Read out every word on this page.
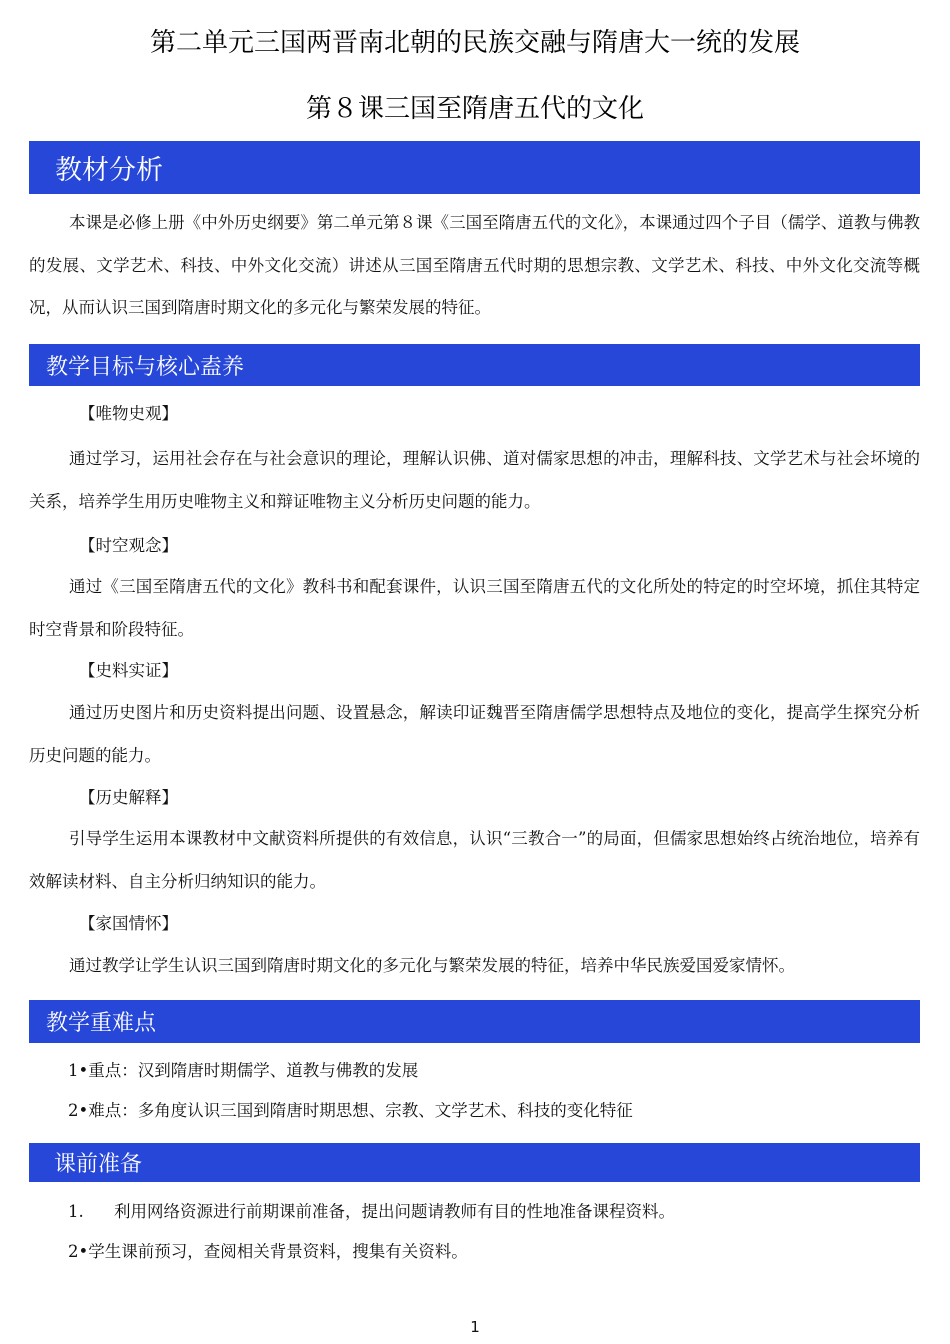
第二单元三国两晋南北朝的民族交融与隋唐大一统的发展
第８课三国至隋唐五代的文化
教材分析

本课是必修上册《中外历史纲要》第二单元第８课《三国至隋唐五代的文化》，本课通过四个子目（儒学、道教与佛教的发展、文学艺术、科技、中外文化交流）讲述从三国至隋唐五代时期的思想宗教、文学艺术、科技、中外文化交流等概况，从而认识三国到隋唐时期文化的多元化与繁荣发展的特征。

教学目标与核心盍养
【唯物史观】

通过学习，运用社会存在与社会意识的理论，理解认识佛、道对儒家思想的冲击，理解科技、文学艺术与社会坏境的关系，培养学生用历史唯物主义和辩证唯物主义分析历史问题的能力。

【时空观念】

通过《三国至隋唐五代的文化》教科书和配套课件，认识三国至隋唐五代的文化所处的特定的时空坏境，抓住其特定时空背景和阶段特征。

【史料实证】

通过历史图片和历史资料提出问题、设置悬念，解读印证魏晋至隋唐儒学思想特点及地位的变化，提高学生探究分析历史问题的能力。

【历史解释】

引导学生运用本课教材中文献资料所提供的有效信息，认识“三教合一”的局面，但儒家思想始终占统治地位，培养有效解读材料、自主分析归纳知识的能力。

【家国情怀】

通过教学让学生认识三国到隋唐时期文化的多元化与繁荣发展的特征，培养中华民族爱国爱家情怀。

教学重难点
1•重点：汉到隋唐时期儒学、道教与佛教的发展
2•难点：多角度认识三国到隋唐时期思想、宗教、文学艺术、科技的变化特征
课前准备
1. 利用网络资源进行前期课前准备，提出问题请教师有目的性地准备课程资料。
2•学生课前预习，查阅相关背景资料，搜集有关资料。
1
